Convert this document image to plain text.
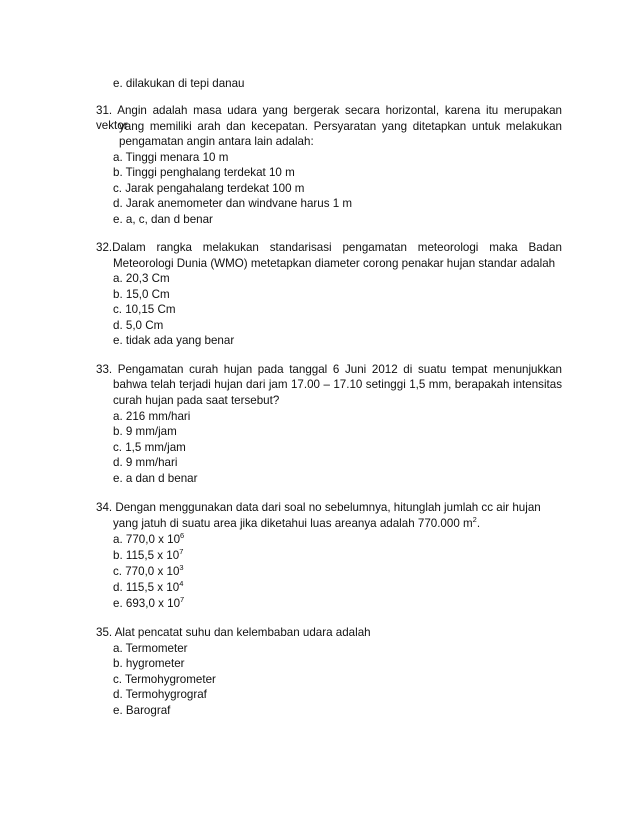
e. dilakukan di tepi danau
31. Angin adalah masa udara yang bergerak secara horizontal, karena itu merupakan vektor
yang memiliki arah dan kecepatan. Persyaratan yang ditetapkan untuk melakukan
pengamatan angin antara lain adalah:
a. Tinggi menara 10 m
b. Tinggi penghalang terdekat 10 m
c. Jarak pengahalang terdekat 100 m
d. Jarak anemometer dan windvane harus 1 m
e. a, c, dan d benar
32.Dalam rangka melakukan standarisasi pengamatan meteorologi maka Badan
Meteorologi Dunia (WMO) metetapkan diameter corong penakar hujan standar adalah
a. 20,3 Cm
b. 15,0 Cm
c. 10,15 Cm
d. 5,0 Cm
e. tidak ada yang benar
33. Pengamatan curah hujan pada tanggal 6 Juni 2012 di suatu tempat menunjukkan
bahwa telah terjadi hujan dari jam 17.00 – 17.10 setinggi 1,5 mm, berapakah intensitas
curah hujan pada saat tersebut?
a. 216 mm/hari
b. 9 mm/jam
c. 1,5 mm/jam
d. 9 mm/hari
e. a dan d benar
34. Dengan menggunakan data dari soal no sebelumnya, hitunglah jumlah cc air hujan
yang jatuh di suatu area jika diketahui luas areanya adalah 770.000 $m^2$.
a. 770,0 x $10^6$
b. 115,5 x $10^7$
c. 770,0 x $10^3$
d. 115,5 x $10^4$
e. 693,0 x $10^7$
35. Alat pencatat suhu dan kelembaban udara adalah
a. Termometer
b. hygrometer
c. Termohygrometer
d. Termohygrograf
e. Barograf
